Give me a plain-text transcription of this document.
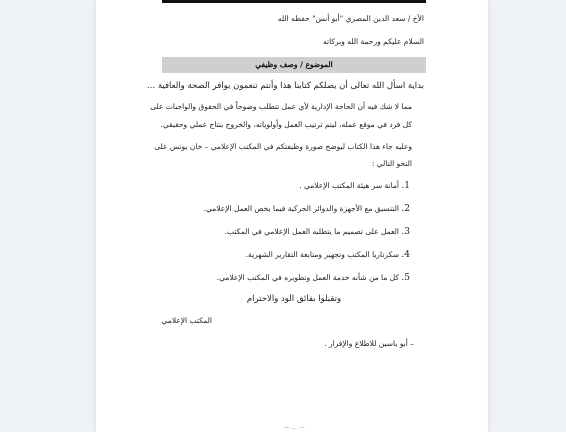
الأخ / سعد الدين المصري "أبو أنس" حفظه الله
السلام عليكم ورحمة الله وبركاته
الموضوع / وصف وظيفي
بداية اسأل الله تعالى أن يصلكم كتابنا هذا وأنتم تنعمون بوافر الصحة والعافية ...
مما لا شك فيه أن الحاجة الإدارية لأي عمل تتطلب وضوحاً في الحقوق والواجبات على
كل فرد في موقع عمله، ليتم ترتيب العمل وأولوياته، والخروج بنتاج عملي وحقيقي.
وعليه جاء هذا الكتاب ليوضح صورة وظيفتكم في المكتب الإعلامي – خان يونس على
النحو التالي :
1. أمانة سر هيئة المكتب الإعلامي .
2. التنسيق مع الأجهزة والدوائر الحركية فيما يخص العمل الإعلامي.
3. العمل على تصميم ما يتطلبه العمل الإعلامي في المكتب.
4. سكرتاريا المكتب وتجهيز ومتابعة التقارير الشهرية.
5. كل ما من شأنه خدمة العمل وتطويره في المكتب الإعلامي.
وتقبلوا بفائق الود والاحترام
المكتب الإعلامي
– أبو ياسين للاطلاع والإقرار .
— ... —
